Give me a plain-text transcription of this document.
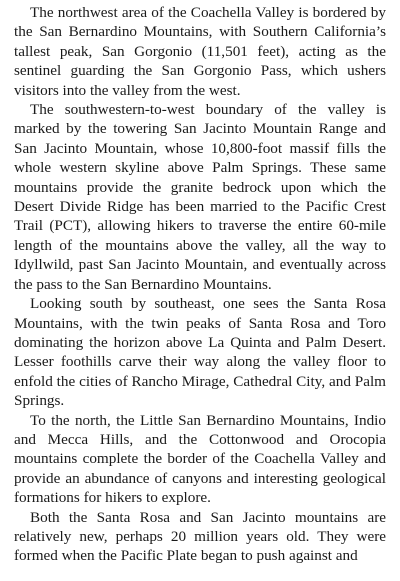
The northwest area of the Coachella Valley is bordered by the San Bernardino Mountains, with Southern California’s tallest peak, San Gorgonio (11,501 feet), acting as the sentinel guarding the San Gorgonio Pass, which ushers visitors into the valley from the west.

The southwestern-to-west boundary of the valley is marked by the towering San Jacinto Mountain Range and San Jacinto Mountain, whose 10,800-foot massif fills the whole western skyline above Palm Springs. These same mountains provide the granite bedrock upon which the Desert Divide Ridge has been married to the Pacific Crest Trail (PCT), allowing hikers to traverse the entire 60-mile length of the mountains above the valley, all the way to Idyllwild, past San Jacinto Mountain, and eventually across the pass to the San Bernardino Mountains.

Looking south by southeast, one sees the Santa Rosa Mountains, with the twin peaks of Santa Rosa and Toro dominating the horizon above La Quinta and Palm Desert. Lesser foothills carve their way along the valley floor to enfold the cities of Rancho Mirage, Cathedral City, and Palm Springs.

To the north, the Little San Bernardino Mountains, Indio and Mecca Hills, and the Cottonwood and Orocopia mountains complete the border of the Coachella Valley and provide an abundance of canyons and interesting geological formations for hikers to explore.

Both the Santa Rosa and San Jacinto mountains are relatively new, perhaps 20 million years old. They were formed when the Pacific Plate began to push against and
